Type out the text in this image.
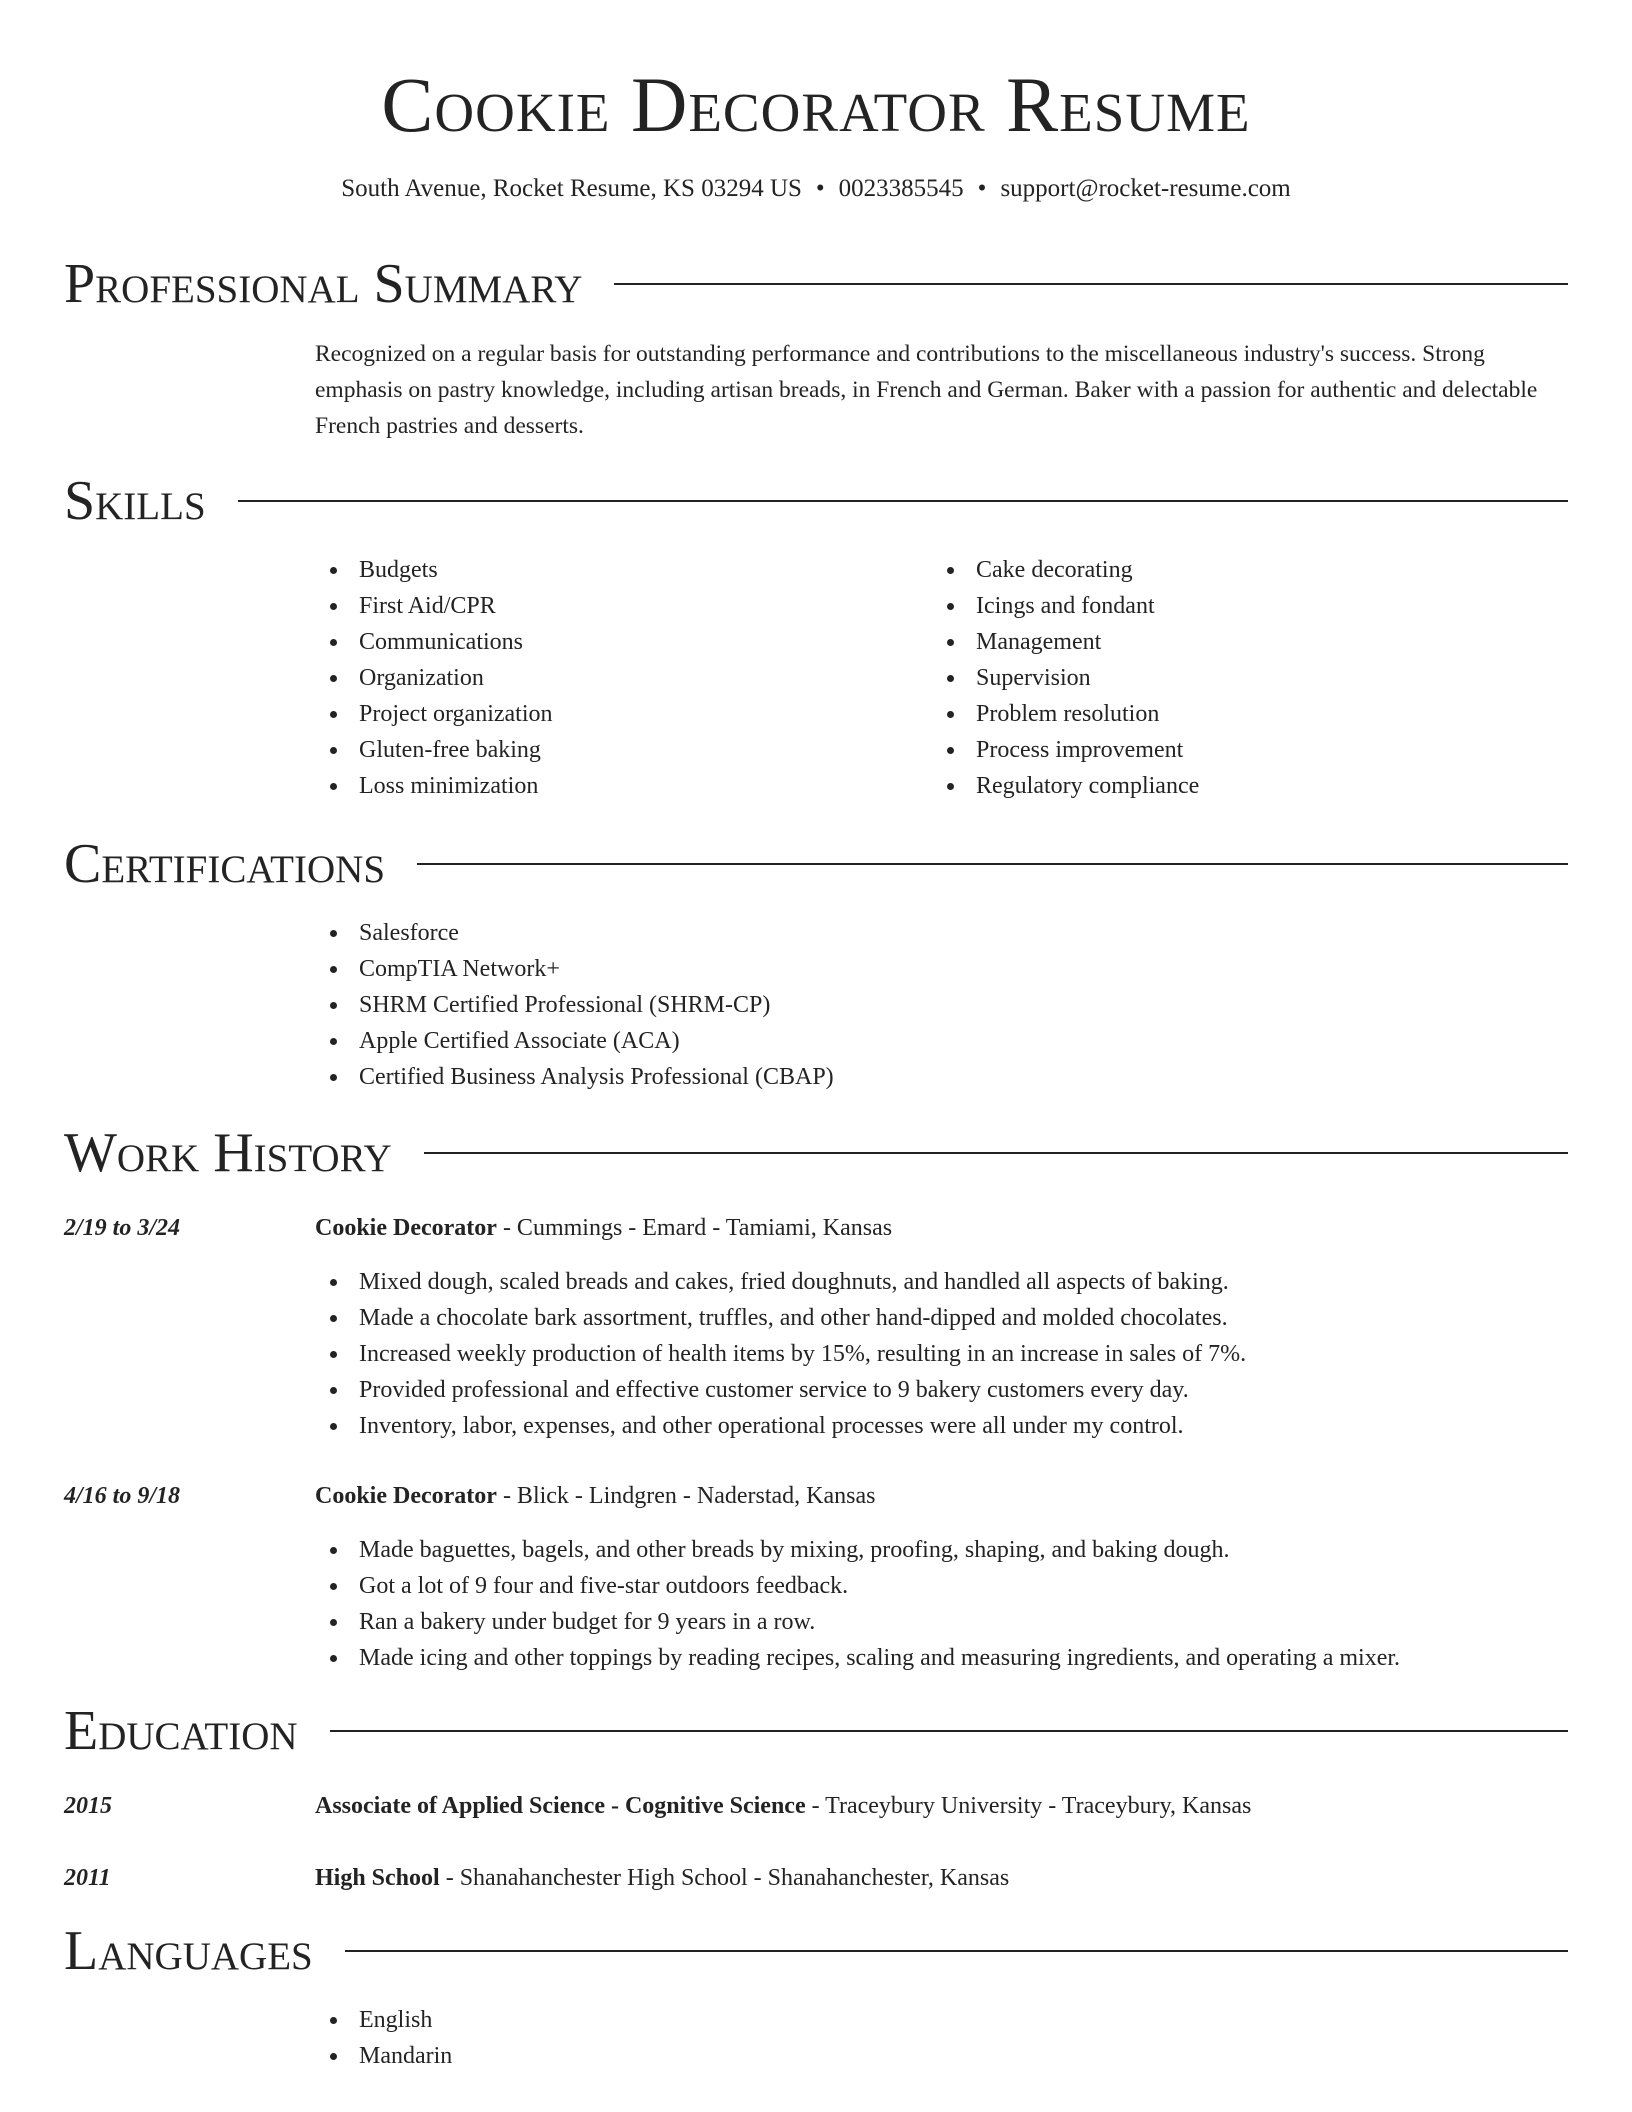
Cookie Decorator Resume
South Avenue, Rocket Resume, KS 03294 US • 0023385545 • support@rocket-resume.com
Professional Summary
Recognized on a regular basis for outstanding performance and contributions to the miscellaneous industry's success. Strong emphasis on pastry knowledge, including artisan breads, in French and German. Baker with a passion for authentic and delectable French pastries and desserts.
Skills
Budgets
First Aid/CPR
Communications
Organization
Project organization
Gluten-free baking
Loss minimization
Cake decorating
Icings and fondant
Management
Supervision
Problem resolution
Process improvement
Regulatory compliance
Certifications
Salesforce
CompTIA Network+
SHRM Certified Professional (SHRM-CP)
Apple Certified Associate (ACA)
Certified Business Analysis Professional (CBAP)
Work History
2/19 to 3/24	Cookie Decorator - Cummings - Emard - Tamiami, Kansas
Mixed dough, scaled breads and cakes, fried doughnuts, and handled all aspects of baking.
Made a chocolate bark assortment, truffles, and other hand-dipped and molded chocolates.
Increased weekly production of health items by 15%, resulting in an increase in sales of 7%.
Provided professional and effective customer service to 9 bakery customers every day.
Inventory, labor, expenses, and other operational processes were all under my control.
4/16 to 9/18	Cookie Decorator - Blick - Lindgren - Naderstad, Kansas
Made baguettes, bagels, and other breads by mixing, proofing, shaping, and baking dough.
Got a lot of 9 four and five-star outdoors feedback.
Ran a bakery under budget for 9 years in a row.
Made icing and other toppings by reading recipes, scaling and measuring ingredients, and operating a mixer.
Education
2015	Associate of Applied Science - Cognitive Science - Traceybury University - Traceybury, Kansas
2011	High School - Shanahanchester High School - Shanahanchester, Kansas
Languages
English
Mandarin
